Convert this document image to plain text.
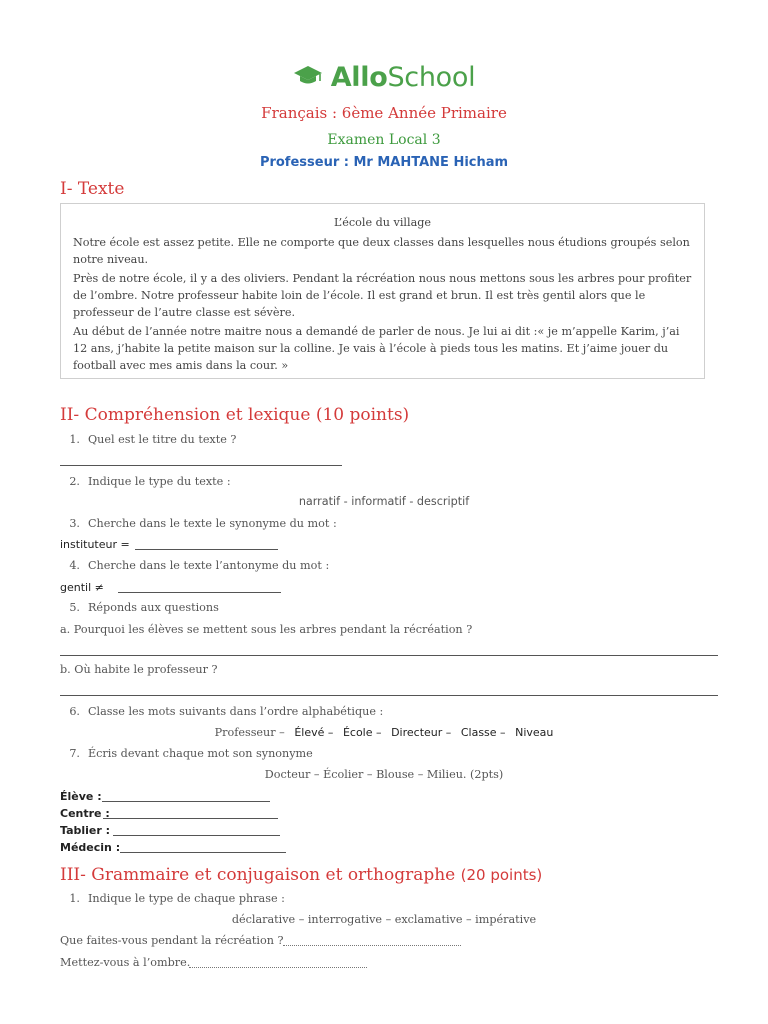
AlloSchool
Français : 6ème Année Primaire
Examen Local 3
Professeur : Mr MAHTANE Hicham
I- Texte
L’école du village

Notre école est assez petite. Elle ne comporte que deux classes dans lesquelles nous étudions groupés selon notre niveau.

Près de notre école, il y a des oliviers. Pendant la récréation nous nous mettons sous les arbres pour profiter de l’ombre. Notre professeur habite loin de l’école. Il est grand et brun. Il est très gentil alors que le professeur de l’autre classe est sévère.

Au début de l’année notre maitre nous a demandé de parler de nous. Je lui ai dit :« je m’appelle Karim, j’ai 12 ans, j’habite la petite maison sur la colline. Je vais à l’école à pieds tous les matins. Et j’aime jouer du football avec mes amis dans la cour. »

II- Compréhension et lexique (10 points)
1. Quel est le titre du texte ?
2. Indique le type du texte :
narratif - informatif - descriptif
3. Cherche dans le texte le synonyme du mot :
instituteur =
4. Cherche dans le texte l’antonyme du mot :
gentil ≠
5. Réponds aux questions
a. Pourquoi les élèves se mettent sous les arbres pendant la récréation ?
b. Où habite le professeur ?
6. Classe les mots suivants dans l’ordre alphabétique :
Professeur – Élevé – École – Directeur – Classe – Niveau
7. Écris devant chaque mot son synonyme
Docteur – Écolier – Blouse – Milieu. (2pts)
Élève :
Centre :
Tablier :
Médecin :
III- Grammaire et conjugaison et orthographe (20 points)
1. Indique le type de chaque phrase :
déclarative – interrogative – exclamative – impérative
Que faites-vous pendant la récréation ?
Mettez-vous à l’ombre.
